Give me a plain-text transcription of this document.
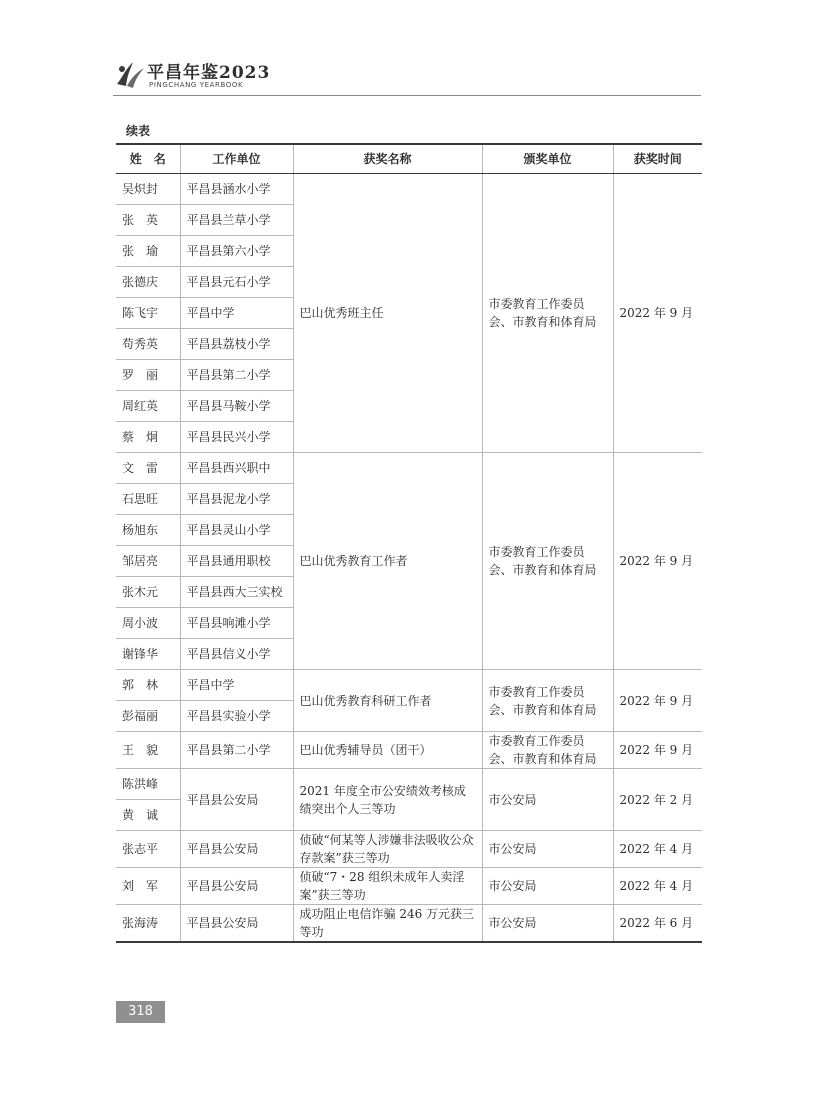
平昌年鉴2023
PINGCHANG YEARBOOK
续表
姓　名	工作单位	获奖名称	颁奖单位	获奖时间
吴炽封	平昌县涵水小学	巴山优秀班主任	市委教育工作委员会、市教育和体育局	2022 年 9 月
张　英	平昌县兰草小学			
张　瑜	平昌县第六小学			
张德庆	平昌县元石小学			
陈飞宇	平昌中学			
苟秀英	平昌县荔枝小学			
罗　丽	平昌县第二小学			
周红英	平昌县马鞍小学			
蔡　炯	平昌县民兴小学			
文　雷	平昌县西兴职中	巴山优秀教育工作者	市委教育工作委员会、市教育和体育局	2022 年 9 月
石思旺	平昌县泥龙小学			
杨旭东	平昌县灵山小学			
邹居亮	平昌县通用职校			
张木元	平昌县西大三实校			
周小波	平昌县响滩小学			
谢锋华	平昌县信义小学			
郭　林	平昌中学	巴山优秀教育科研工作者	市委教育工作委员会、市教育和体育局	2022 年 9 月
彭福丽	平昌县实验小学			
王　貌	平昌县第二小学	巴山优秀辅导员（团干）	市委教育工作委员会、市教育和体育局	2022 年 9 月
陈洪峰	平昌县公安局	2021 年度全市公安绩效考核成绩突出个人三等功	市公安局	2022 年 2 月
黄　诚				
张志平	平昌县公安局	侦破“何某等人涉嫌非法吸收公众存款案”获三等功	市公安局	2022 年 4 月
刘　军	平昌县公安局	侦破“7・28 组织未成年人卖淫案”获三等功	市公安局	2022 年 4 月
张海涛	平昌县公安局	成功阻止电信诈骗 246 万元获三等功	市公安局	2022 年 6 月
318
